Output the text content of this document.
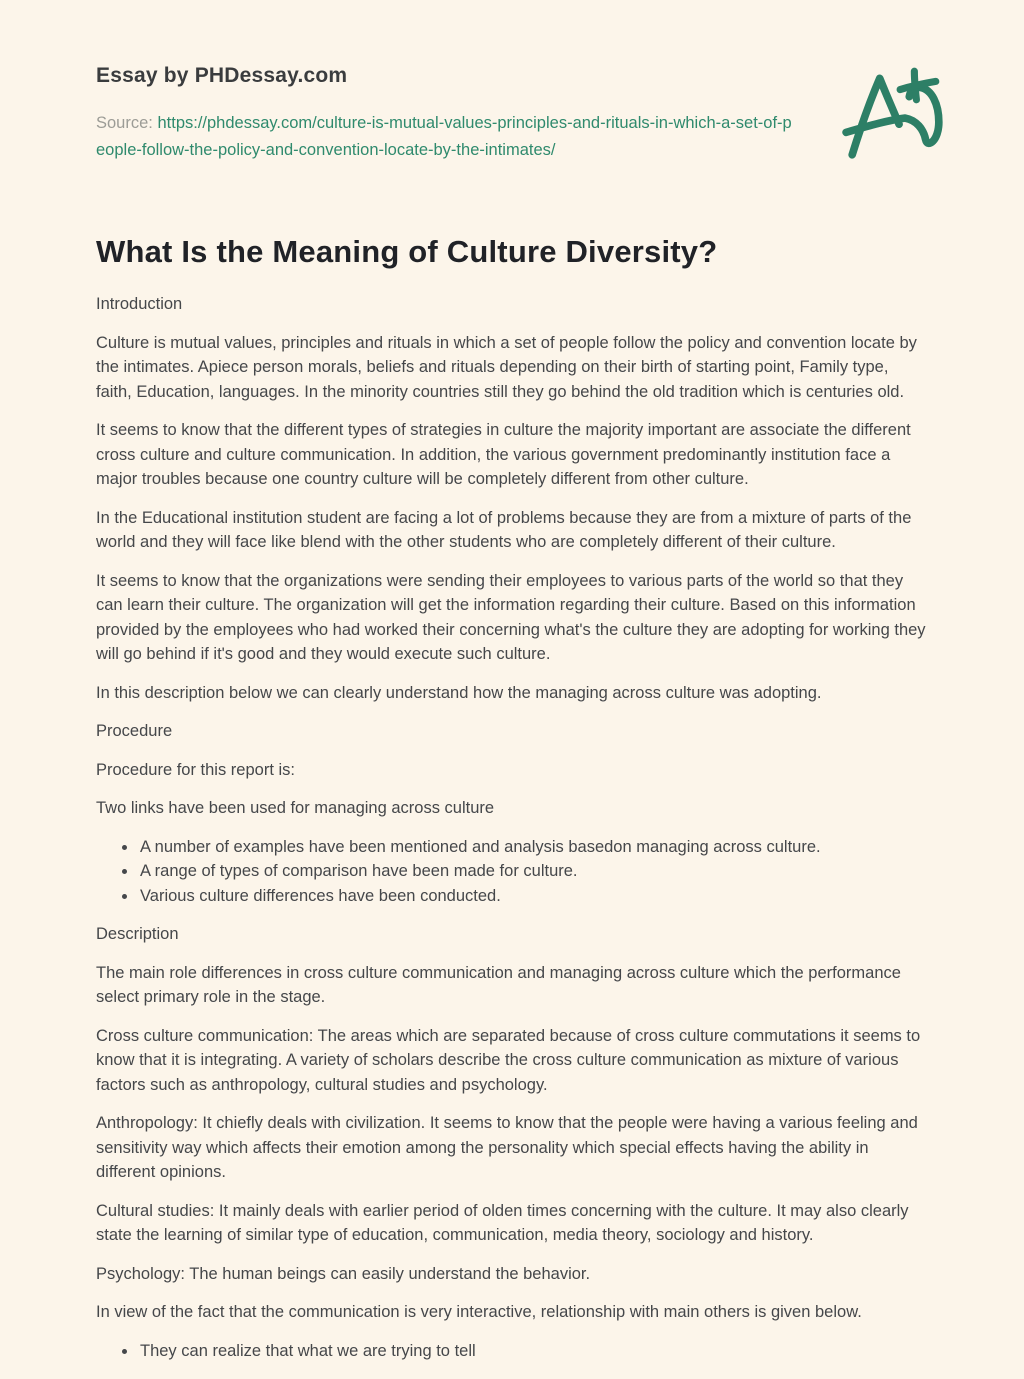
Essay by PHDessay.com

Source: https://phdessay.com/culture-is-mutual-values-principles-and-rituals-in-which-a-set-of-people-follow-the-policy-and-convention-locate-by-the-intimates/

What Is the Meaning of Culture Diversity?

Introduction

Culture is mutual values, principles and rituals in which a set of people follow the policy and convention locate by the intimates. Apiece person morals, beliefs and rituals depending on their birth of starting point, Family type, faith, Education, languages. In the minority countries still they go behind the old tradition which is centuries old.

It seems to know that the different types of strategies in culture the majority important are associate the different cross culture and culture communication. In addition, the various government predominantly institution face a major troubles because one country culture will be completely different from other culture.

In the Educational institution student are facing a lot of problems because they are from a mixture of parts of the world and they will face like blend with the other students who are completely different of their culture.

It seems to know that the organizations were sending their employees to various parts of the world so that they can learn their culture. The organization will get the information regarding their culture. Based on this information provided by the employees who had worked their concerning what's the culture they are adopting for working they will go behind if it's good and they would execute such culture.

In this description below we can clearly understand how the managing across culture was adopting.

Procedure

Procedure for this report is:

Two links have been used for managing across culture

• A number of examples have been mentioned and analysis basedon managing across culture.
• A range of types of comparison have been made for culture.
• Various culture differences have been conducted.

Description

The main role differences in cross culture communication and managing across culture which the performance select primary role in the stage.

Cross culture communication: The areas which are separated because of cross culture commutations it seems to know that it is integrating. A variety of scholars describe the cross culture communication as mixture of various factors such as anthropology, cultural studies and psychology.

Anthropology: It chiefly deals with civilization. It seems to know that the people were having a various feeling and sensitivity way which affects their emotion among the personality which special effects having the ability in different opinions.

Cultural studies: It mainly deals with earlier period of olden times concerning with the culture. It may also clearly state the learning of similar type of education, communication, media theory, sociology and history.

Psychology: The human beings can easily understand the behavior.

In view of the fact that the communication is very interactive, relationship with main others is given below.

• They can realize that what we are trying to tell
